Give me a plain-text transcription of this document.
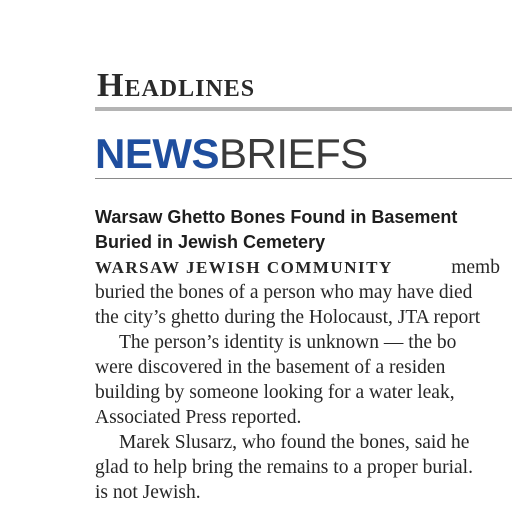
Headlines
NEWSBRIEFS
Warsaw Ghetto Bones Found in Basement
Buried in Jewish Cemetery
WARSAW JEWISH COMMUNITY	memb
buried the bones of a person who may have died
the city’s ghetto during the Holocaust, JTA report
The person’s identity is unknown — the bo
were discovered in the basement of a residen
building by someone looking for a water leak,
Associated Press reported.
Marek Slusarz, who found the bones, said he
glad to help bring the remains to a proper burial.
is not Jewish.
